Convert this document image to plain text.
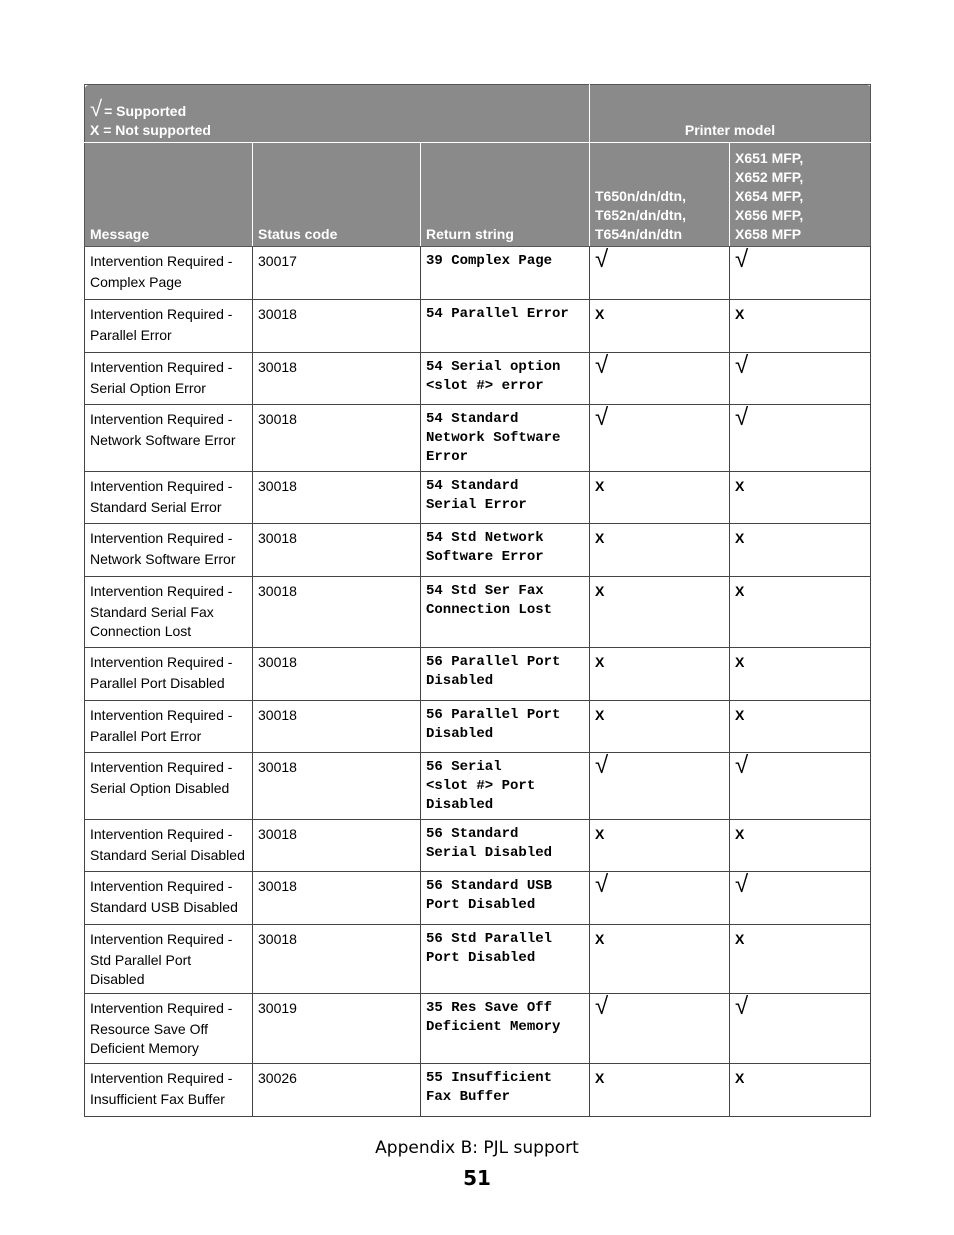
√ = Supported
X = Not supported			Printer model	
Message	Status code	Return string	T650n/dn/dtn,
T652n/dn/dtn,
T654n/dn/dtn	X651 MFP,
X652 MFP,
X654 MFP,
X656 MFP,
X658 MFP

Intervention Required -
Complex Page	30017	39 Complex Page	√	√

Intervention Required -
Parallel Error	30018	54 Parallel Error	X	X

Intervention Required -
Serial Option Error	30018	54 Serial option
<slot #> error	√	√

Intervention Required -
Network Software Error	30018	54 Standard
Network Software
Error	√	√

Intervention Required -
Standard Serial Error	30018	54 Standard
Serial Error	X	X

Intervention Required -
Network Software Error	30018	54 Std Network
Software Error	X	X

Intervention Required -
Standard Serial Fax
Connection Lost	30018	54 Std Ser Fax
Connection Lost	X	X

Intervention Required -
Parallel Port Disabled	30018	56 Parallel Port
Disabled	X	X

Intervention Required -
Parallel Port Error	30018	56 Parallel Port
Disabled	X	X

Intervention Required -
Serial Option Disabled	30018	56 Serial
<slot #> Port
Disabled	√	√

Intervention Required -
Standard Serial Disabled	30018	56 Standard
Serial Disabled	X	X

Intervention Required -
Standard USB Disabled	30018	56 Standard USB
Port Disabled	√	√

Intervention Required -
Std Parallel Port
Disabled	30018	56 Std Parallel
Port Disabled	X	X

Intervention Required -
Resource Save Off
Deficient Memory	30019	35 Res Save Off
Deficient Memory	√	√

Intervention Required -
Insufficient Fax Buffer	30026	55 Insufficient
Fax Buffer	X	X
Appendix B: PJL support
51
